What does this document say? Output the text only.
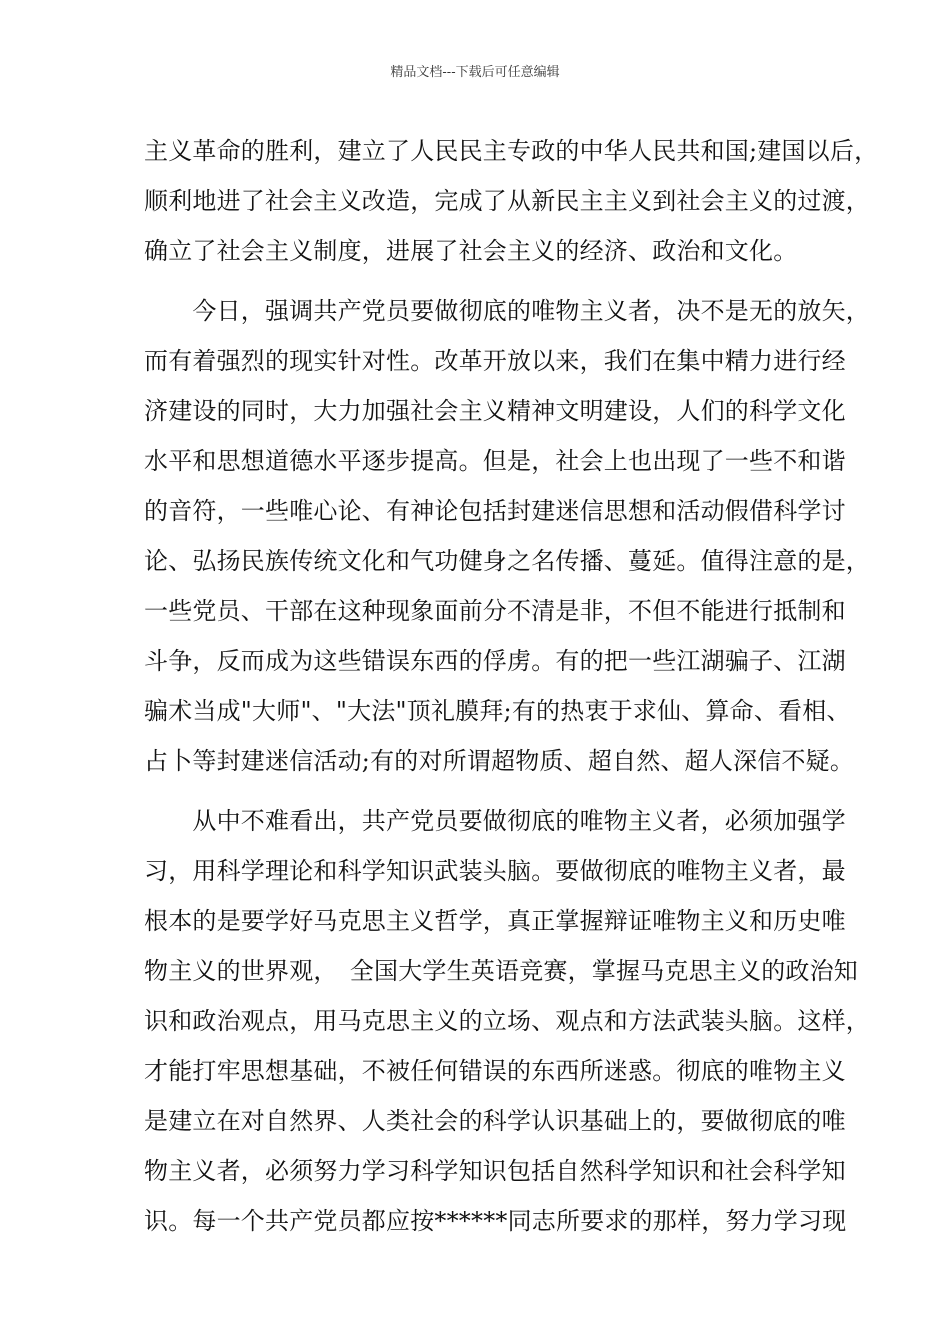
精品文档---下载后可任意编辑
主义革命的胜利，建立了人民民主专政的中华人民共和国;建国以后，
顺利地进了社会主义改造，完成了从新民主主义到社会主义的过渡，
确立了社会主义制度，进展了社会主义的经济、政治和文化。
　　今日，强调共产党员要做彻底的唯物主义者，决不是无的放矢，
而有着强烈的现实针对性。改革开放以来，我们在集中精力进行经
济建设的同时，大力加强社会主义精神文明建设，人们的科学文化
水平和思想道德水平逐步提高。但是，社会上也出现了一些不和谐
的音符，一些唯心论、有神论包括封建迷信思想和活动假借科学讨
论、弘扬民族传统文化和气功健身之名传播、蔓延。值得注意的是，
一些党员、干部在这种现象面前分不清是非，不但不能进行抵制和
斗争，反而成为这些错误东西的俘虏。有的把一些江湖骗子、江湖
骗术当成"大师"、"大法"顶礼膜拜;有的热衷于求仙、算命、看相、
占卜等封建迷信活动;有的对所谓超物质、超自然、超人深信不疑。
　　从中不难看出，共产党员要做彻底的唯物主义者，必须加强学
习，用科学理论和科学知识武装头脑。要做彻底的唯物主义者，最
根本的是要学好马克思主义哲学，真正掌握辩证唯物主义和历史唯
物主义的世界观，　全国大学生英语竞赛，掌握马克思主义的政治知
识和政治观点，用马克思主义的立场、观点和方法武装头脑。这样，
才能打牢思想基础，不被任何错误的东西所迷惑。彻底的唯物主义
是建立在对自然界、人类社会的科学认识基础上的，要做彻底的唯
物主义者，必须努力学习科学知识包括自然科学知识和社会科学知
识。每一个共产党员都应按******同志所要求的那样，努力学习现
